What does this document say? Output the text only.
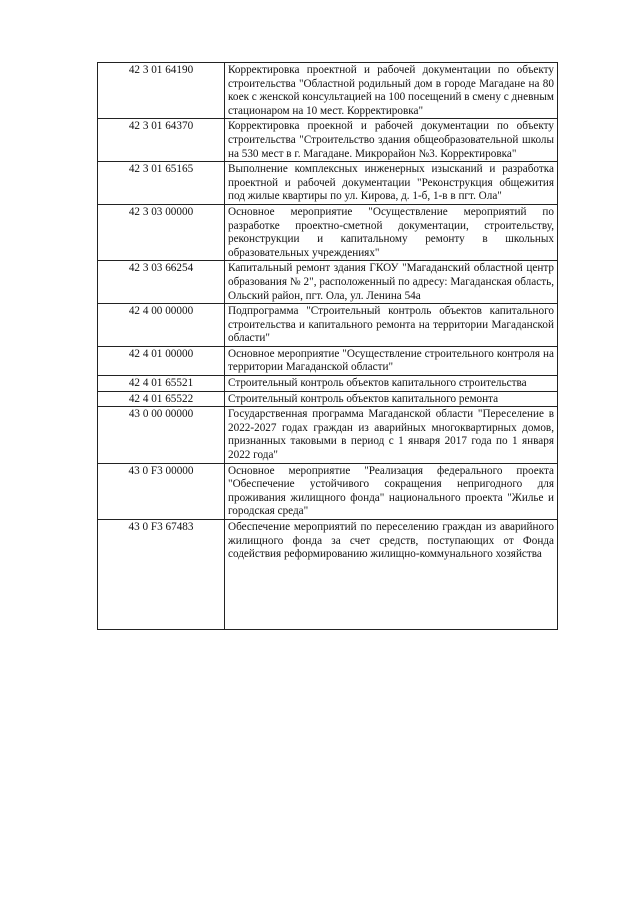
42 3 01 64190	Корректировка проектной и рабочей документации по объекту строительства "Областной родильный дом в городе Магадане на 80 коек с женской консультацией на 100 посещений в смену с дневным стационаром на 10 мест. Корректировка"
42 3 01 64370	Корректировка проекной и рабочей документации по объекту строительства "Строительство здания общеобразовательной школы на 530 мест в г. Магадане. Микрорайон №3. Корректировка"
42 3 01 65165	Выполнение комплексных инженерных изысканий и разработка проектной и рабочей документации "Реконструкция общежития под жилые квартиры по ул. Кирова, д. 1-б, 1-в в пгт. Ола"
42 3 03 00000	Основное мероприятие "Осуществление мероприятий по разработке проектно-сметной документации, строительству, реконструкции и капитальному ремонту в школьных образовательных учреждениях"
42 3 03 66254	Капитальный ремонт здания ГКОУ "Магаданский областной центр образования № 2", расположенный по адресу: Магаданская область, Ольский район, пгт. Ола, ул. Ленина 54а
42 4 00 00000	Подпрограмма "Строительный контроль объектов капитального строительства и капитального ремонта на территории Магаданской области"
42 4 01 00000	Основное мероприятие "Осуществление строительного контроля на территории Магаданской области"
42 4 01 65521	Строительный контроль объектов капитального строительства
42 4 01 65522	Строительный контроль объектов капитального ремонта
43 0 00 00000	Государственная программа Магаданской области "Переселение в 2022-2027 годах граждан из аварийных многоквартирных домов, признанных таковыми в период с 1 января 2017 года по 1 января 2022 года"
43 0 F3 00000	Основное мероприятие "Реализация федерального проекта "Обеспечение устойчивого сокращения непригодного для проживания жилищного фонда" национального проекта "Жилье и городская среда"
43 0 F3 67483	Обеспечение мероприятий по переселению граждан из аварийного жилищного фонда за счет средств, поступающих от Фонда содействия реформированию жилищно-коммунального хозяйства
